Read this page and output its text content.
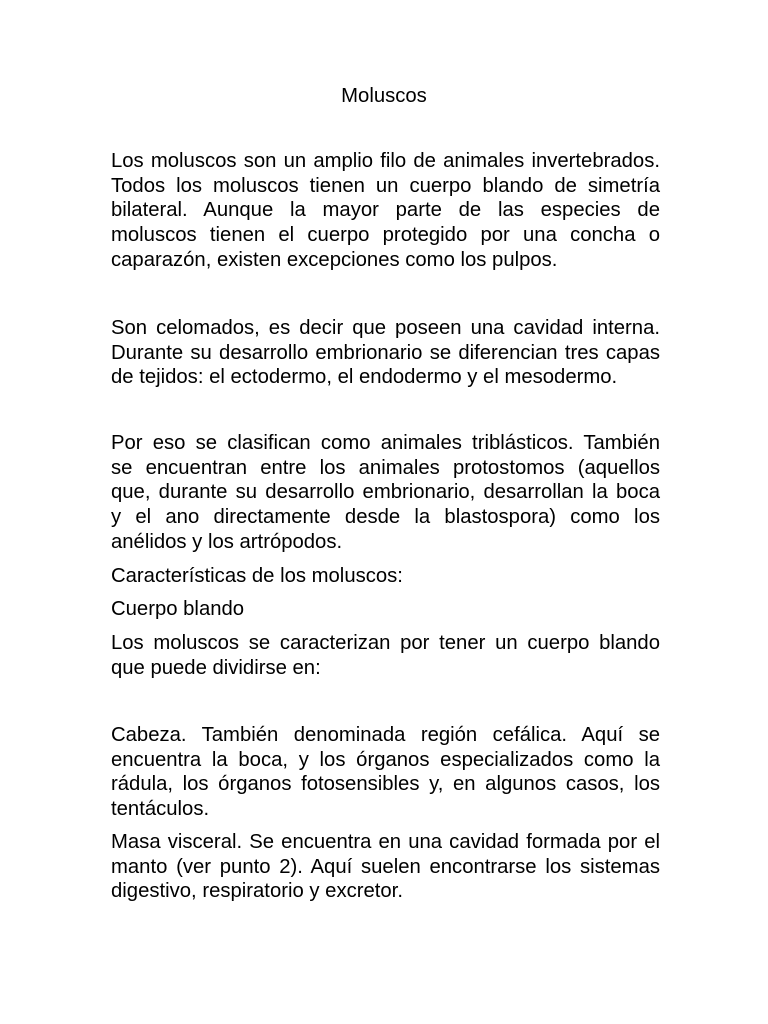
Moluscos
Los moluscos son un amplio filo de animales invertebrados.
Todos los moluscos tienen un cuerpo blando de simetría
bilateral. Aunque la mayor parte de las especies de
moluscos tienen el cuerpo protegido por una concha o
caparazón, existen excepciones como los pulpos.
Son celomados, es decir que poseen una cavidad interna.
Durante su desarrollo embrionario se diferencian tres capas
de tejidos: el ectodermo, el endodermo y el mesodermo.
Por eso se clasifican como animales triblásticos. También
se encuentran entre los animales protostomos (aquellos
que, durante su desarrollo embrionario, desarrollan la boca
y el ano directamente desde la blastospora) como los
anélidos y los artrópodos.
Características de los moluscos:
Cuerpo blando
Los moluscos se caracterizan por tener un cuerpo blando
que puede dividirse en:
Cabeza. También denominada región cefálica. Aquí se
encuentra la boca, y los órganos especializados como la
rádula, los órganos fotosensibles y, en algunos casos, los
tentáculos.
Masa visceral. Se encuentra en una cavidad formada por el
manto (ver punto 2). Aquí suelen encontrarse los sistemas
digestivo, respiratorio y excretor.
